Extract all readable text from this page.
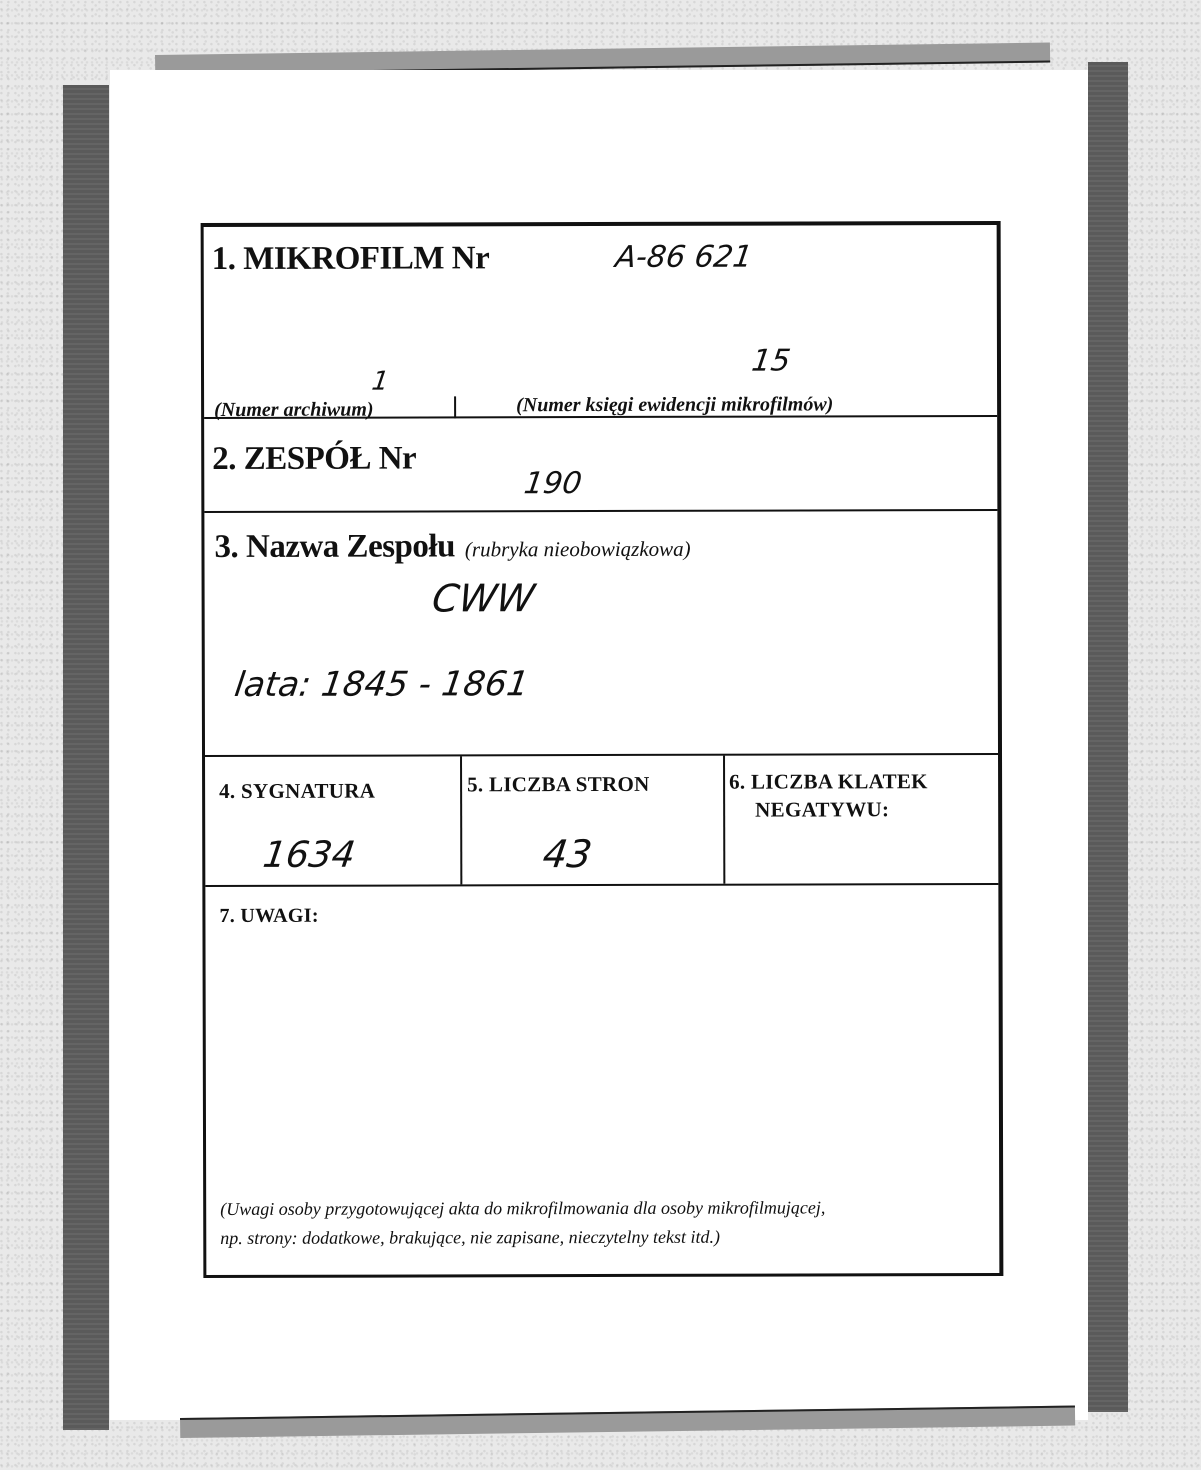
1. MIKROFILM Nr	A-86 621
1
(Numer archiwum)
15
(Numer księgi ewidencji mikrofilmów)
2. ZESPÓŁ Nr
190
3. Nazwa Zespołu (rubryka nieobowiązkowa)
CWW
lata: 1845 - 1861
4. SYGNATURA
1634
5. LICZBA STRON
43
6. LICZBA KLATEK
NEGATYWU:
7. UWAGI:
(Uwagi osoby przygotowującej akta do mikrofilmowania dla osoby mikrofilmującej,
np. strony: dodatkowe, brakujące, nie zapisane, nieczytelny tekst itd.)
